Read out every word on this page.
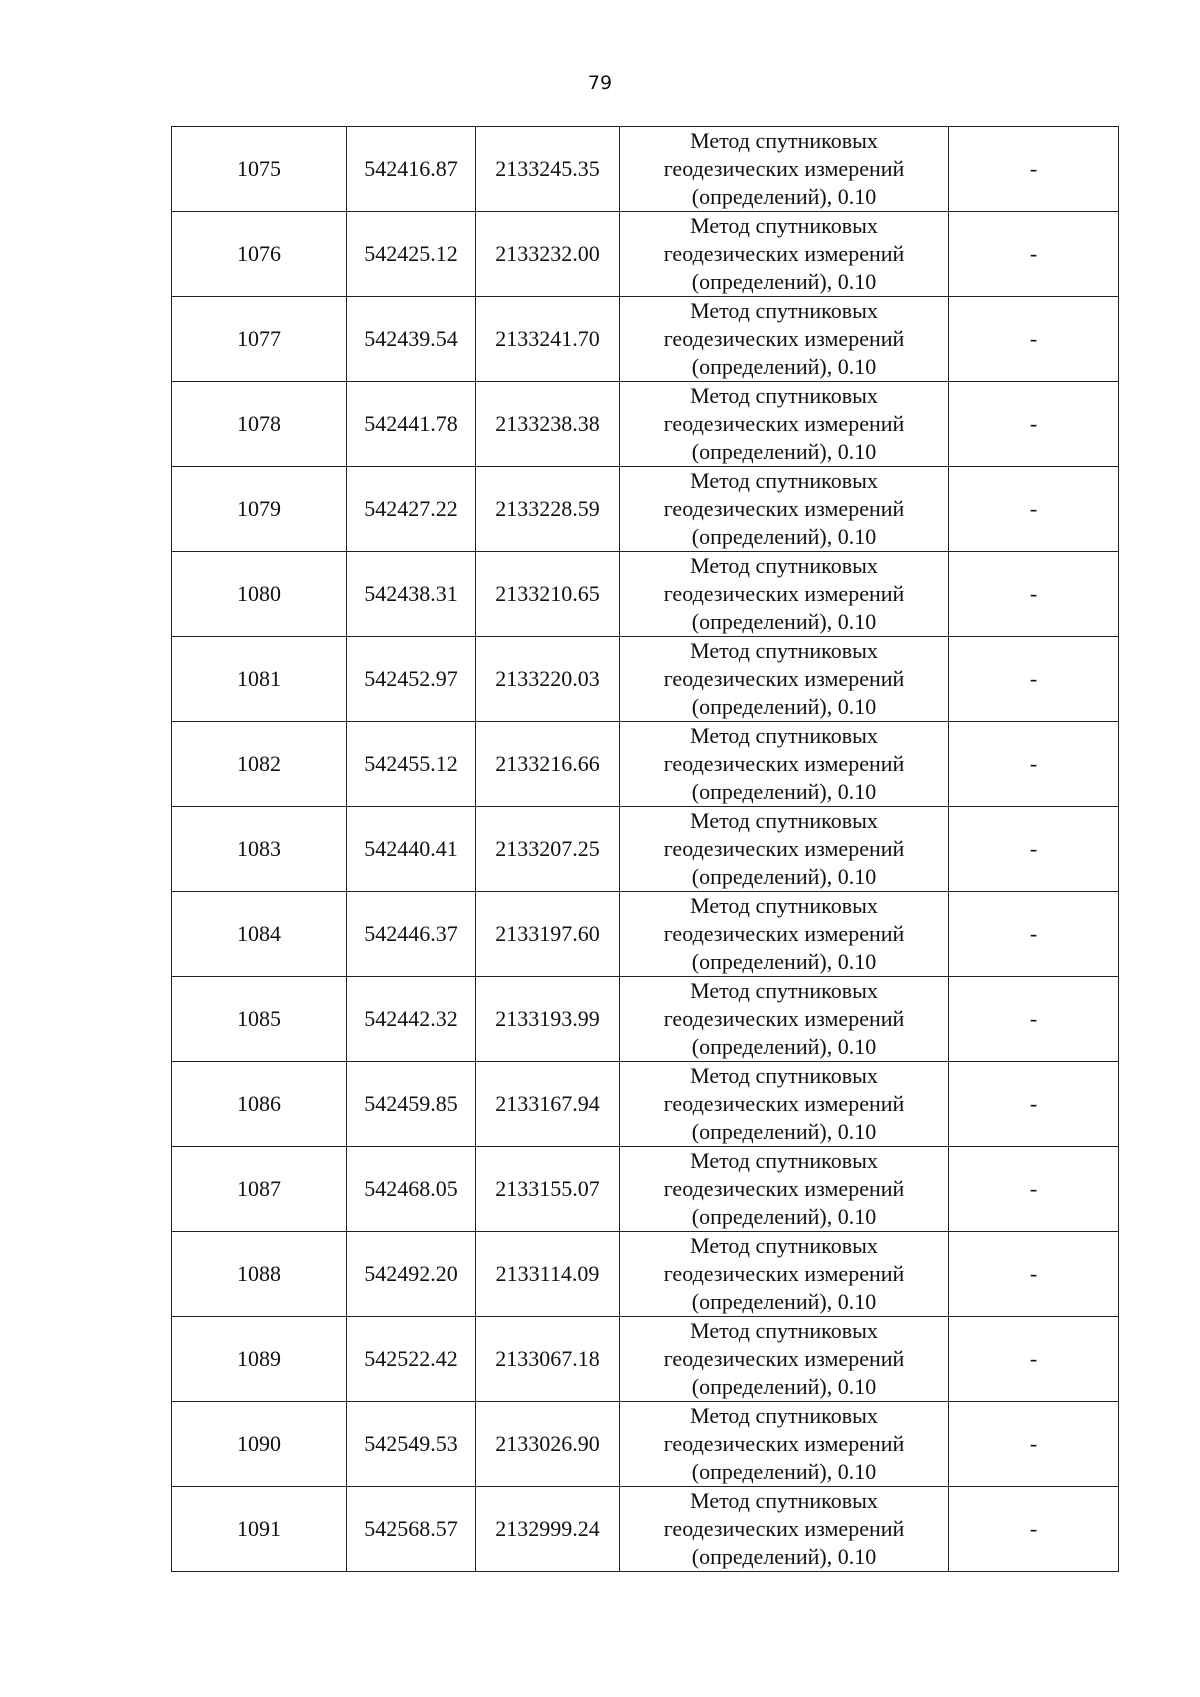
79
1075	542416.87	2133245.35	Метод спутниковых
геодезических измерений
(определений), 0.10	-
1076	542425.12	2133232.00	Метод спутниковых
геодезических измерений
(определений), 0.10	-
1077	542439.54	2133241.70	Метод спутниковых
геодезических измерений
(определений), 0.10	-
1078	542441.78	2133238.38	Метод спутниковых
геодезических измерений
(определений), 0.10	-
1079	542427.22	2133228.59	Метод спутниковых
геодезических измерений
(определений), 0.10	-
1080	542438.31	2133210.65	Метод спутниковых
геодезических измерений
(определений), 0.10	-
1081	542452.97	2133220.03	Метод спутниковых
геодезических измерений
(определений), 0.10	-
1082	542455.12	2133216.66	Метод спутниковых
геодезических измерений
(определений), 0.10	-
1083	542440.41	2133207.25	Метод спутниковых
геодезических измерений
(определений), 0.10	-
1084	542446.37	2133197.60	Метод спутниковых
геодезических измерений
(определений), 0.10	-
1085	542442.32	2133193.99	Метод спутниковых
геодезических измерений
(определений), 0.10	-
1086	542459.85	2133167.94	Метод спутниковых
геодезических измерений
(определений), 0.10	-
1087	542468.05	2133155.07	Метод спутниковых
геодезических измерений
(определений), 0.10	-
1088	542492.20	2133114.09	Метод спутниковых
геодезических измерений
(определений), 0.10	-
1089	542522.42	2133067.18	Метод спутниковых
геодезических измерений
(определений), 0.10	-
1090	542549.53	2133026.90	Метод спутниковых
геодезических измерений
(определений), 0.10	-
1091	542568.57	2132999.24	Метод спутниковых
геодезических измерений
(определений), 0.10	-
